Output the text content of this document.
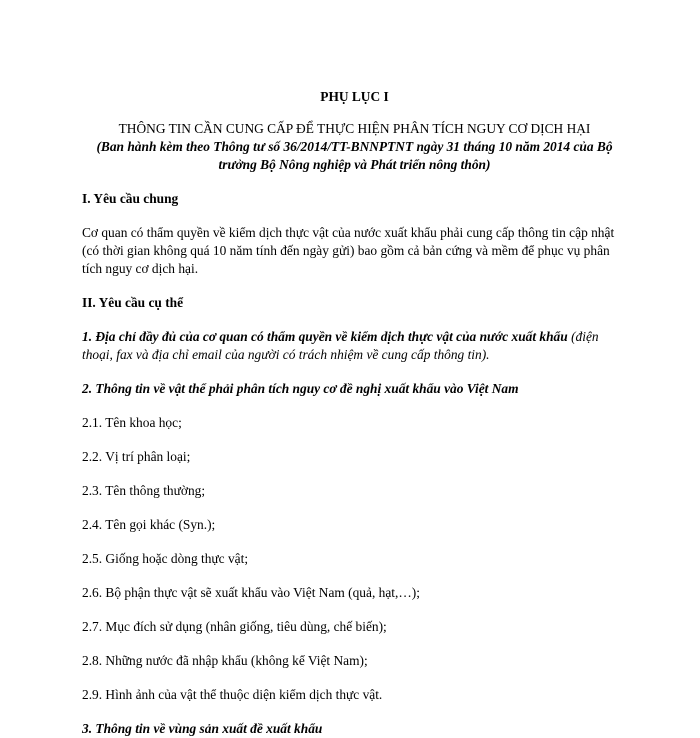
PHỤ LỤC I

THÔNG TIN CẦN CUNG CẤP ĐỂ THỰC HIỆN PHÂN TÍCH NGUY CƠ DỊCH HẠI

(Ban hành kèm theo Thông tư số 36/2014/TT-BNNPTNT ngày 31 tháng 10 năm 2014 của Bộ trưởng Bộ Nông nghiệp và Phát triển nông thôn)

I. Yêu cầu chung

Cơ quan có thẩm quyền về kiểm dịch thực vật của nước xuất khẩu phải cung cấp thông tin cập nhật (có thời gian không quá 10 năm tính đến ngày gửi) bao gồm cả bản cứng và mềm để phục vụ phân tích nguy cơ dịch hại.

II. Yêu cầu cụ thể

1. Địa chỉ đầy đủ của cơ quan có thẩm quyền về kiểm dịch thực vật của nước xuất khẩu (điện thoại, fax và địa chỉ email của người có trách nhiệm về cung cấp thông tin).

2. Thông tin về vật thể phải phân tích nguy cơ đề nghị xuất khẩu vào Việt Nam

2.1. Tên khoa học;

2.2. Vị trí phân loại;

2.3. Tên thông thường;

2.4. Tên gọi khác (Syn.);

2.5. Giống hoặc dòng thực vật;

2.6. Bộ phận thực vật sẽ xuất khẩu vào Việt Nam (quả, hạt,…);

2.7. Mục đích sử dụng (nhân giống, tiêu dùng, chế biến);

2.8. Những nước đã nhập khẩu (không kể Việt Nam);

2.9. Hình ảnh của vật thể thuộc diện kiểm dịch thực vật.

3. Thông tin về vùng sản xuất đề xuất khẩu
